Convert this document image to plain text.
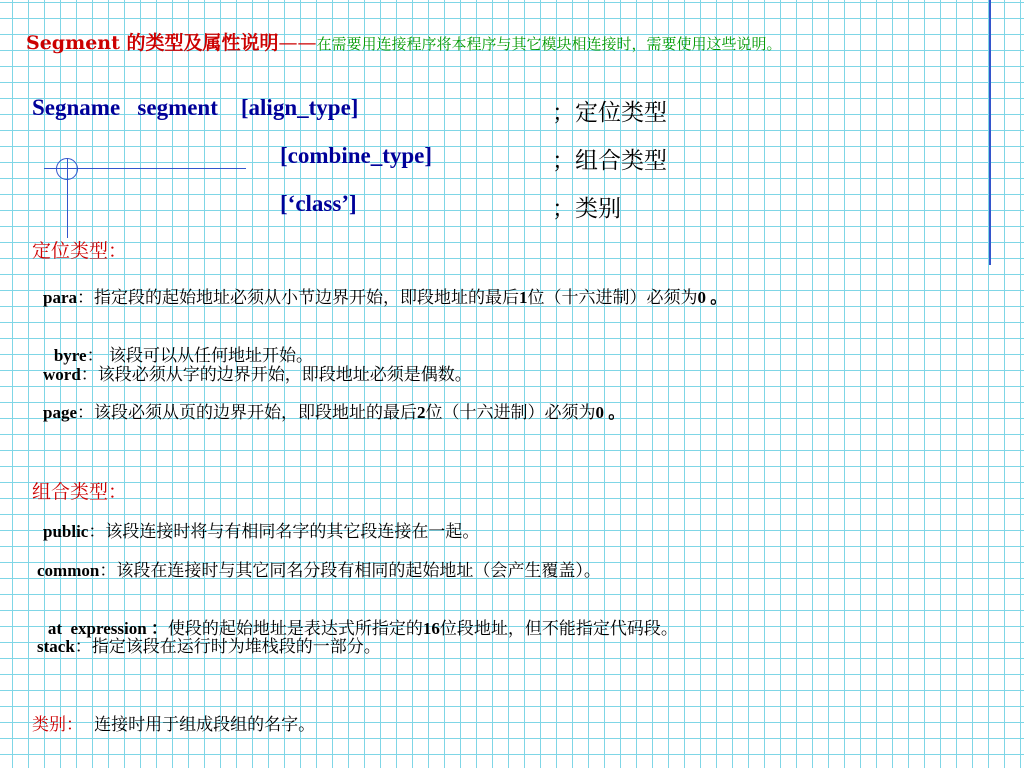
Segment 的类型及属性说明——在需要用连接程序将本程序与其它模块相连接时，需要使用这些说明。
Segname   segment    [align_type]	；定位类型
[combine_type]	；组合类型
[‘class’]	；类别
定位类型：
para：指定段的起始地址必须从小节边界开始，即段地址的最后1位（十六进制）必须为0 。

byre： 该段可以从任何地址开始。

word：该段必须从字的边界开始，即段地址必须是偶数。
page：该段必须从页的边界开始，即段地址的最后2位（十六进制）必须为0 。
组合类型：
public：该段连接时将与有相同名字的其它段连接在一起。
common：该段在连接时与其它同名分段有相同的起始地址（会产生覆盖）。

at  expression ：使段的起始地址是表达式所指定的16位段地址，但不能指定代码段。

stack：指定该段在运行时为堆栈段的一部分。
类别： 连接时用于组成段组的名字。
